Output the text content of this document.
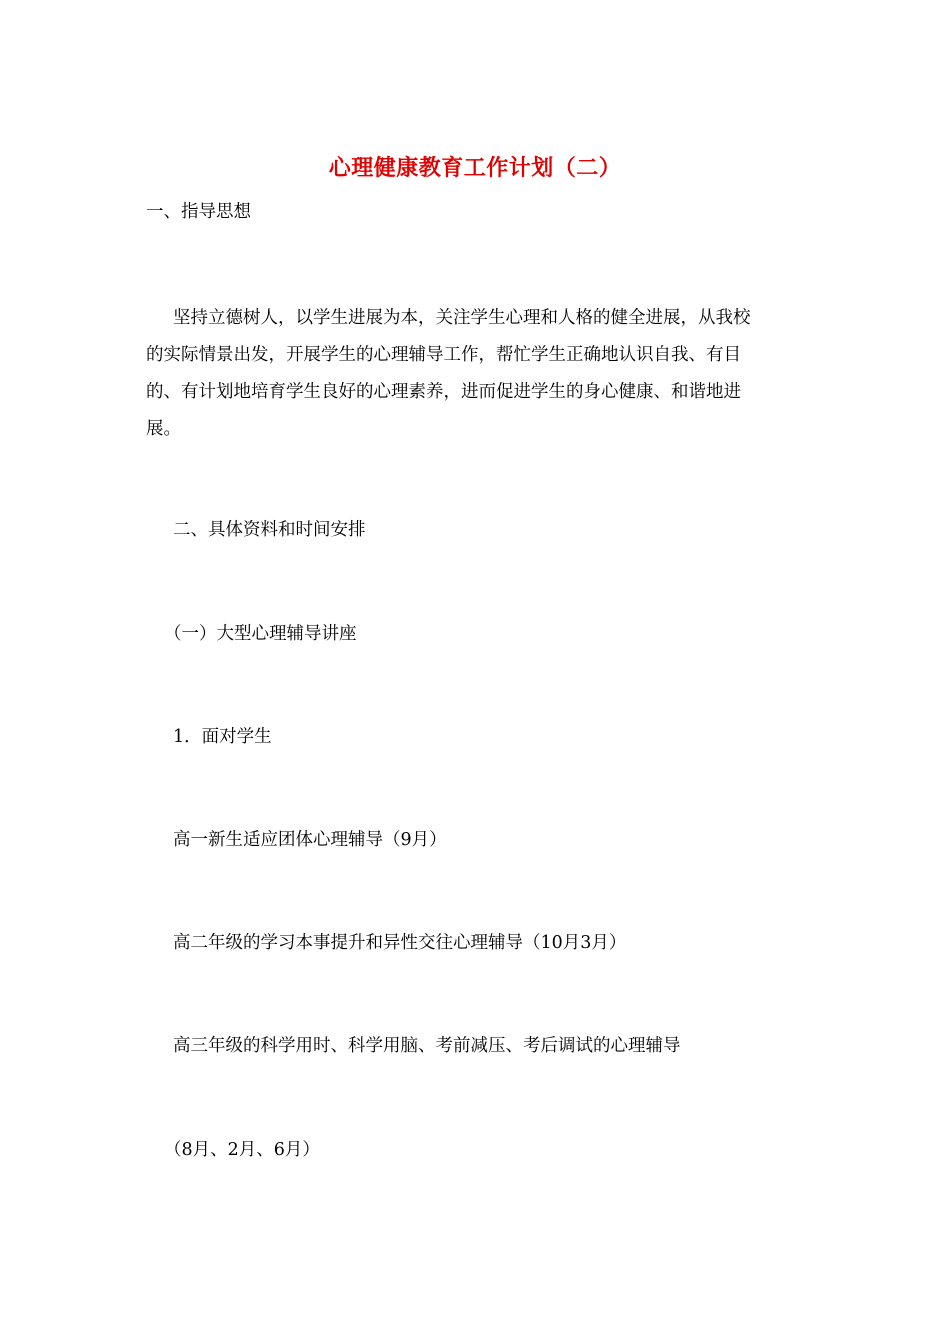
心理健康教育工作计划（二）
一、指导思想
坚持立德树人，以学生进展为本，关注学生心理和人格的健全进展，从我校
的实际情景出发，开展学生的心理辅导工作，帮忙学生正确地认识自我、有目
的、有计划地培育学生良好的心理素养，进而促进学生的身心健康、和谐地进
展。
二、具体资料和时间安排
（一）大型心理辅导讲座
1．面对学生
高一新生适应团体心理辅导（9月）
高二年级的学习本事提升和异性交往心理辅导（10月3月）
高三年级的科学用时、科学用脑、考前减压、考后调试的心理辅导
（8月、2月、6月）
